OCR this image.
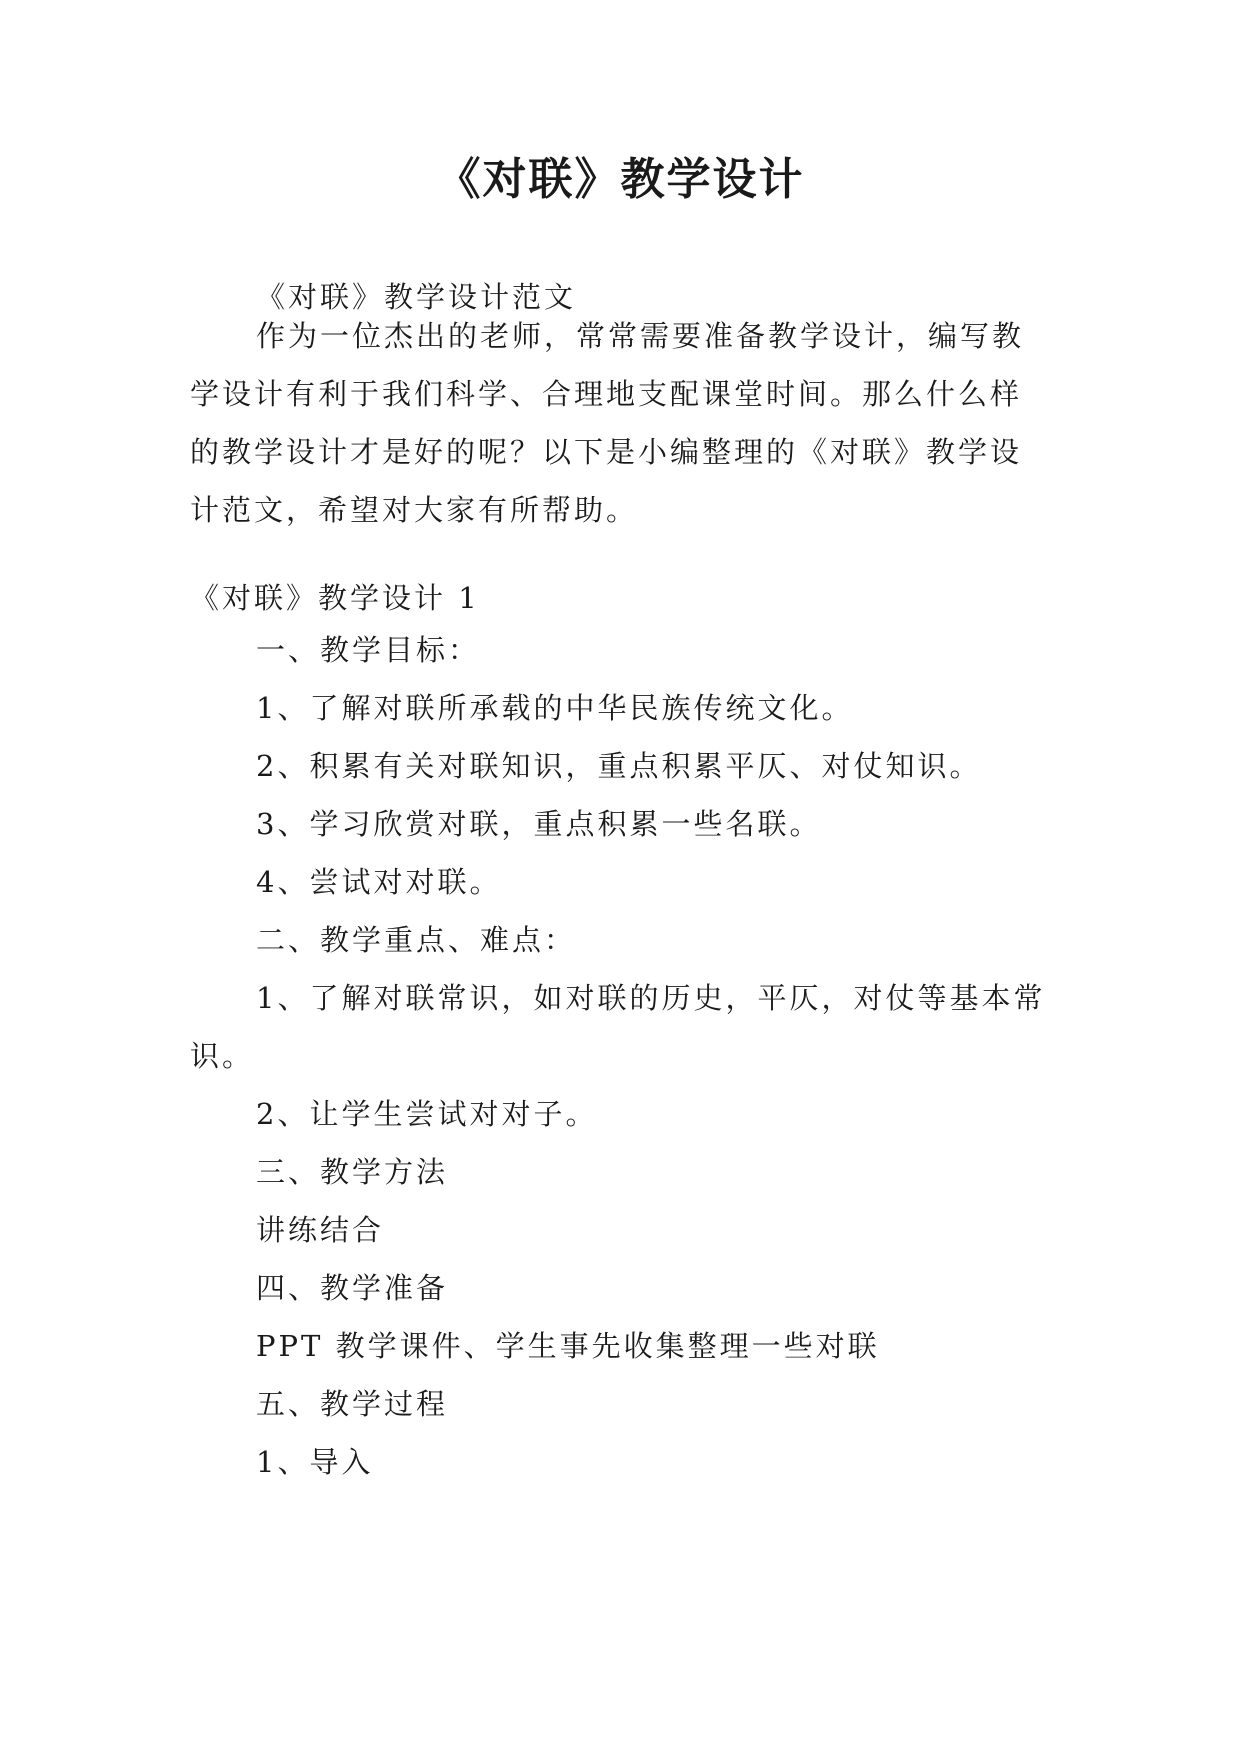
《对联》教学设计

《对联》教学设计范文

作为一位杰出的老师，常常需要准备教学设计，编写教学设计有利于我们科学、合理地支配课堂时间。那么什么样的教学设计才是好的呢？以下是小编整理的《对联》教学设计范文，希望对大家有所帮助。

《对联》教学设计 1

一、教学目标：

1、了解对联所承载的中华民族传统文化。

2、积累有关对联知识，重点积累平仄、对仗知识。

3、学习欣赏对联，重点积累一些名联。

4、尝试对对联。

二、教学重点、难点：

1、了解对联常识，如对联的历史，平仄，对仗等基本常识。

2、让学生尝试对对子。

三、教学方法

讲练结合

四、教学准备

PPT 教学课件、学生事先收集整理一些对联

五、教学过程

1、导入
